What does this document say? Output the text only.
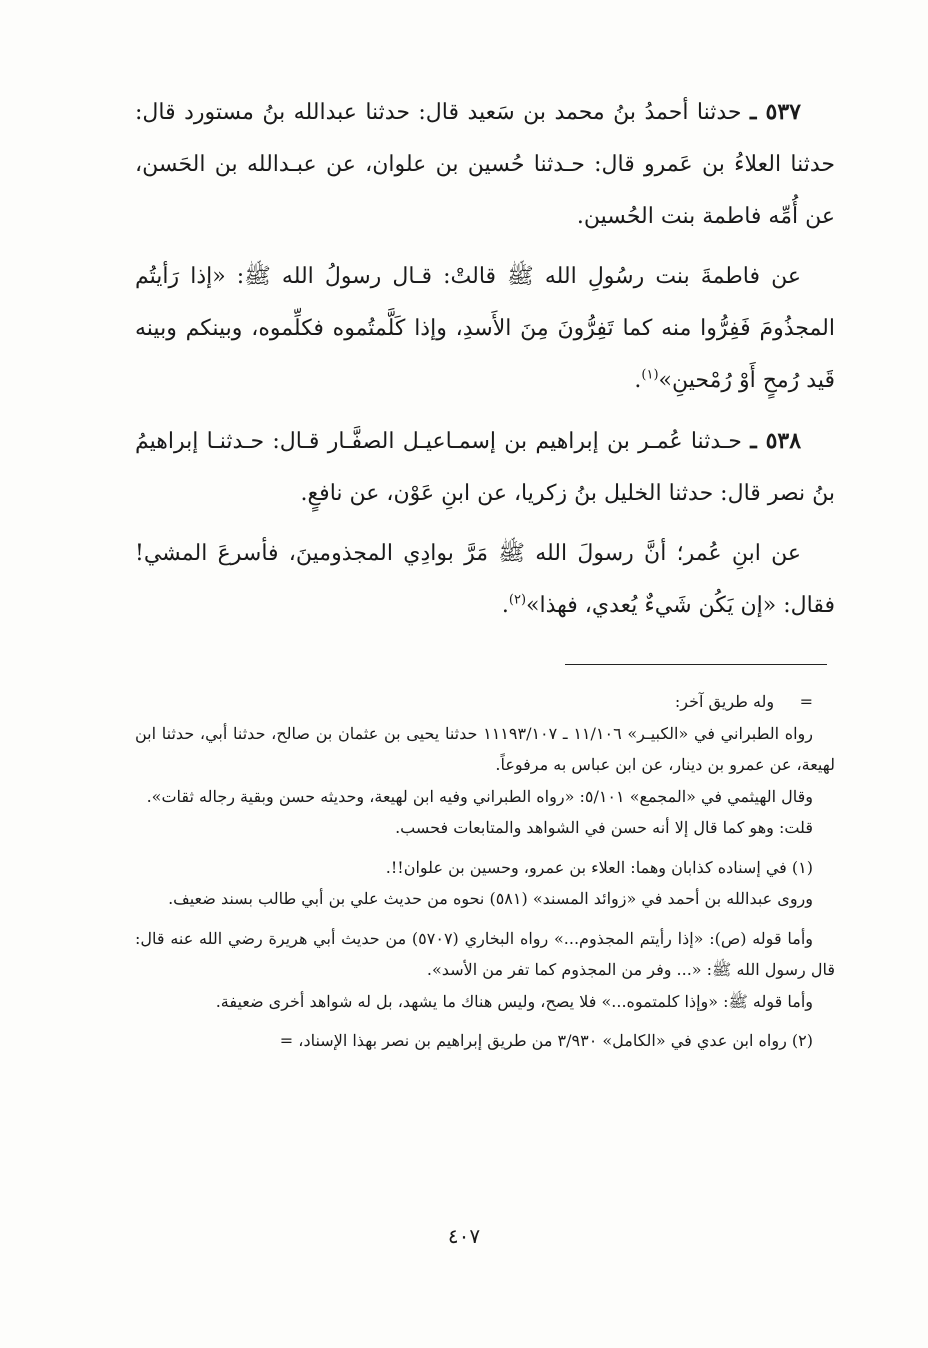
٥٣٧ ـ حدثنا أحمدُ بنُ محمد بن سَعيد قال: حدثنا عبدالله بنُ مستورد قال: حدثنا العلاءُ بن عَمرو قال: حـدثنا حُسين بن علوان، عن عبـدالله بن الحَسن، عن أُمِّه فاطمة بنت الحُسين.

عن فاطمةَ بنت رسُولِ الله ﷺ قالتْ: قـال رسولُ الله ﷺ: «إذا رَأيتُم المجذُومَ فَفِرُّوا منه كما تَفِرُّونَ مِنَ الأَسدِ، وإذا كَلَّمتُموه فكلِّموه، وبينكم وبينه قَيد رُمحٍ أَوْ رُمْحينِ»$^{(١)}$.

٥٣٨ ـ حـدثنا عُمـر بن إبراهيم بن إسمـاعيـل الصفَّـار قـال: حـدثنـا إبراهيمُ بنُ نصر قال: حدثنا الخليل بنُ زكريا، عن ابنِ عَوْن، عن نافعٍ.

عن ابنِ عُمر؛ أنَّ رسولَ الله ﷺ مَرَّ بوادِي المجذومينَ، فأسرعَ المشي! فقال: «إن يَكُن شَيءٌ يُعدي، فهذا»$^{(٢)}$.

=     وله طريق آخر:

رواه الطبراني في «الكبيـر» ١١/١٠٦ ـ ١١١٩٣/١٠٧ حدثنا يحيى بن عثمان بن صالح، حدثنا أبي، حدثنا ابن لهيعة، عن عمرو بن دينار، عن ابن عباس به مرفوعاً.

وقال الهيثمي في «المجمع» ٥/١٠١: «رواه الطبراني وفيه ابن لهيعة، وحديثه حسن وبقية رجاله ثقات».

قلت: وهو كما قال إلا أنه حسن في الشواهد والمتابعات فحسب.

(١) في إسناده كذابان وهما: العلاء بن عمرو، وحسين بن علوان!!.

وروى عبدالله بن أحمد في «زوائد المسند» (٥٨١) نحوه من حديث علي بن أبي طالب بسند ضعيف.

وأما قوله (ص): «إذا رأيتم المجذوم...» رواه البخاري (٥٧٠٧) من حديث أبي هريرة رضي الله عنه قال: قال رسول الله ﷺ: «... وفر من المجذوم كما تفر من الأسد».

وأما قوله ﷺ: «وإذا كلمتموه...» فلا يصح، وليس هناك ما يشهد، بل له شواهد أخرى ضعيفة.

(٢) رواه ابن عدي في «الكامل» ٣/٩٣٠ من طريق إبراهيم بن نصر بهذا الإسناد، =

٤٠٧
